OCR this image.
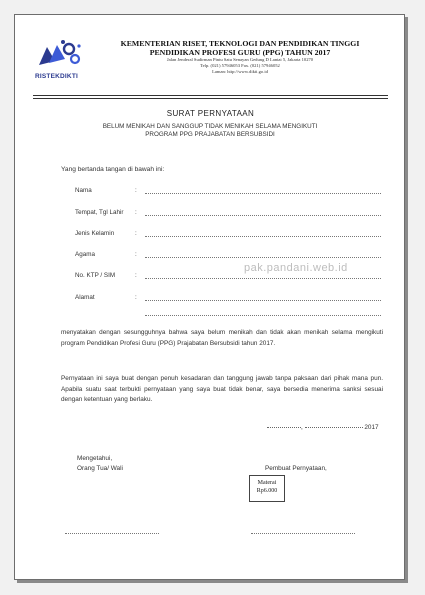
RISTEKDIKTI
KEMENTERIAN RISET, TEKNOLOGI DAN PENDIDIKAN TINGGI
PENDIDIKAN PROFESI GURU (PPG) TAHUN 2017
Jalan Jenderal Sudirman Pintu Satu Senayan Gedung D Lantai 5, Jakarta 10270
Telp. (021) 57946053 Fax. (021) 57946052
Laman: http://www.dikti.go.id
SURAT PERNYATAAN
BELUM MENIKAH DAN SANGGUP TIDAK MENIKAH SELAMA MENGIKUTI
PROGRAM PPG PRAJABATAN BERSUBSIDI
Yang bertanda tangan di bawah ini:
Nama	:
Tempat, Tgl Lahir :
Jenis Kelamin	:
Agama	:
No. KTP / SIM	:
Alamat	:
pak.pandani.web.id
menyatakan dengan sesungguhnya bahwa saya belum menikah dan tidak akan menikah selama mengikuti program Pendidikan Profesi Guru (PPG) Prajabatan Bersubsidi tahun 2017.
Pernyataan ini saya buat dengan penuh kesadaran dan tanggung jawab tanpa paksaan dari pihak mana pun. Apabila suatu saat terbukti pernyataan yang saya buat tidak benar, saya bersedia menerima sanksi sesuai dengan ketentuan yang berlaku.
,	2017
Mengetahui,
Orang Tua/ Wali	Pembuat Pernyataan,
Materai
Rp6.000
